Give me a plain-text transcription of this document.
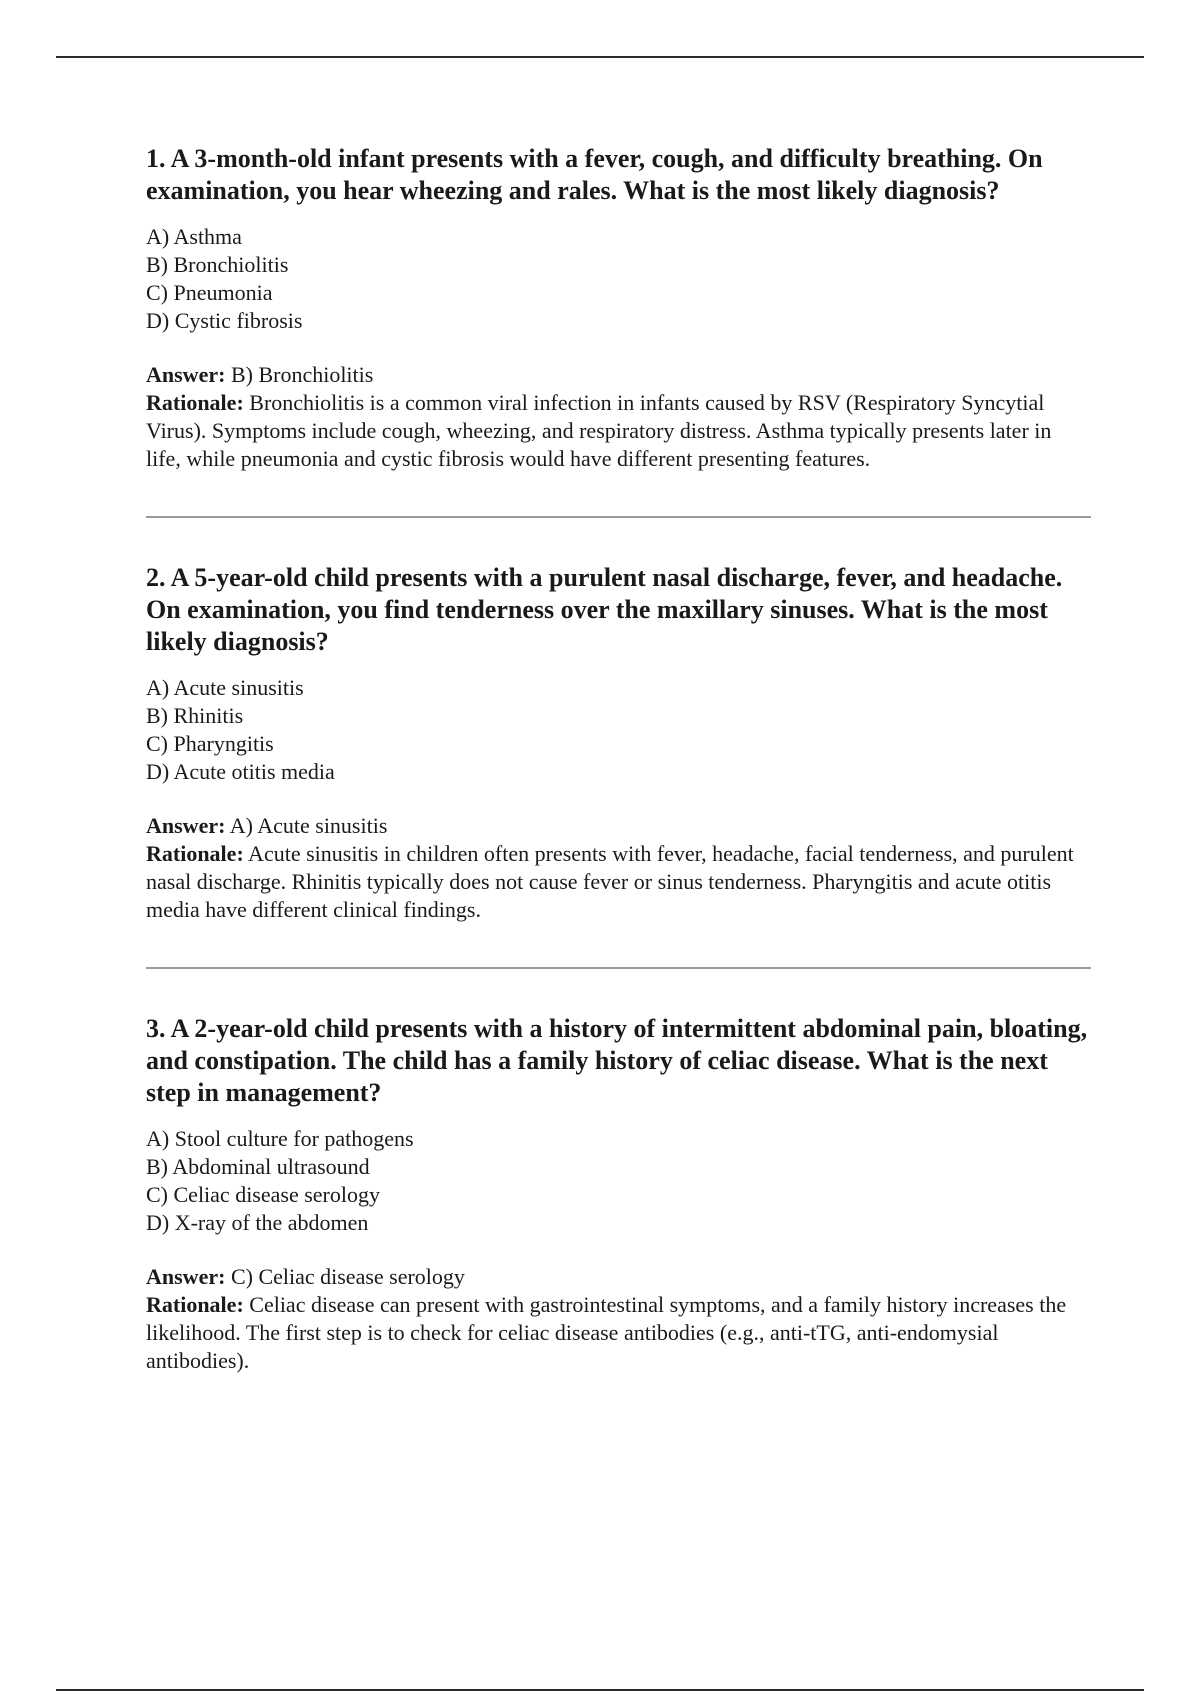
1. A 3-month-old infant presents with a fever, cough, and difficulty breathing. On examination, you hear wheezing and rales. What is the most likely diagnosis?
A) Asthma
B) Bronchiolitis
C) Pneumonia
D) Cystic fibrosis

Answer: B) Bronchiolitis

Rationale: Bronchiolitis is a common viral infection in infants caused by RSV (Respiratory Syncytial Virus). Symptoms include cough, wheezing, and respiratory distress. Asthma typically presents later in life, while pneumonia and cystic fibrosis would have different presenting features.

2. A 5-year-old child presents with a purulent nasal discharge, fever, and headache. On examination, you find tenderness over the maxillary sinuses. What is the most likely diagnosis?
A) Acute sinusitis
B) Rhinitis
C) Pharyngitis
D) Acute otitis media

Answer: A) Acute sinusitis

Rationale: Acute sinusitis in children often presents with fever, headache, facial tenderness, and purulent nasal discharge. Rhinitis typically does not cause fever or sinus tenderness. Pharyngitis and acute otitis media have different clinical findings.

3. A 2-year-old child presents with a history of intermittent abdominal pain, bloating, and constipation. The child has a family history of celiac disease. What is the next step in management?
A) Stool culture for pathogens
B) Abdominal ultrasound
C) Celiac disease serology
D) X-ray of the abdomen

Answer: C) Celiac disease serology

Rationale: Celiac disease can present with gastrointestinal symptoms, and a family history increases the likelihood. The first step is to check for celiac disease antibodies (e.g., anti-tTG, anti-endomysial antibodies).
